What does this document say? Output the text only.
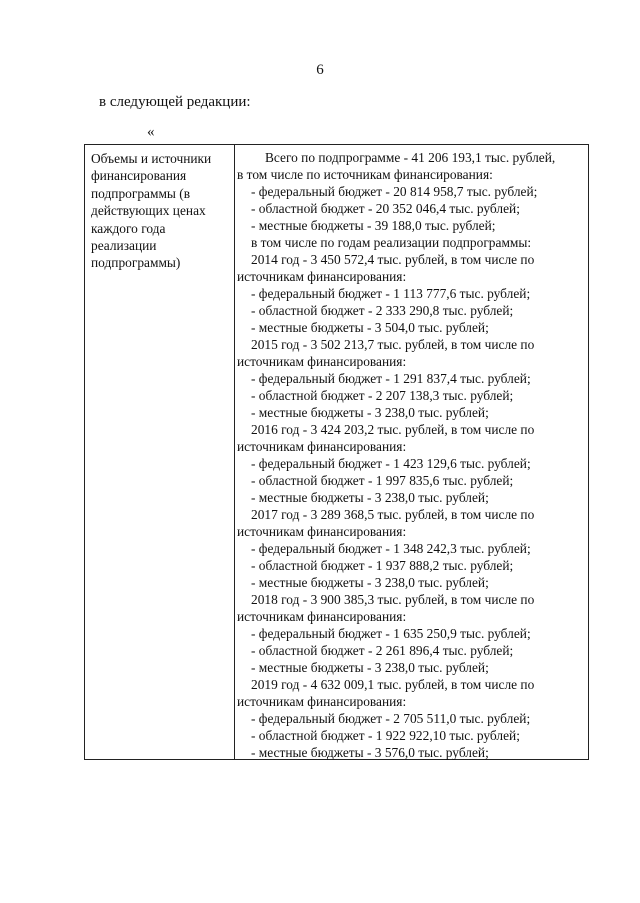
6
в следующей редакции:
«
Объемы и источники
финансирования
подпрограммы (в
действующих ценах
каждого года
реализации
подпрограммы)
Всего по подпрограмме - 41 206 193,1 тыс. рублей,
в том числе по источникам финансирования:
- федеральный бюджет - 20 814 958,7 тыс. рублей;
- областной бюджет - 20 352 046,4 тыс. рублей;
- местные бюджеты - 39 188,0 тыс. рублей;
в том числе по годам реализации подпрограммы:
2014 год - 3 450 572,4 тыс. рублей, в том числе по
источникам финансирования:
- федеральный бюджет - 1 113 777,6 тыс. рублей;
- областной бюджет - 2 333 290,8 тыс. рублей;
- местные бюджеты - 3 504,0 тыс. рублей;
2015 год - 3 502 213,7 тыс. рублей, в том числе по
источникам финансирования:
- федеральный бюджет - 1 291 837,4 тыс. рублей;
- областной бюджет - 2 207 138,3 тыс. рублей;
- местные бюджеты - 3 238,0 тыс. рублей;
2016 год - 3 424 203,2 тыс. рублей, в том числе по
источникам финансирования:
- федеральный бюджет - 1 423 129,6 тыс. рублей;
- областной бюджет - 1 997 835,6 тыс. рублей;
- местные бюджеты - 3 238,0 тыс. рублей;
2017 год - 3 289 368,5 тыс. рублей, в том числе по
источникам финансирования:
- федеральный бюджет - 1 348 242,3 тыс. рублей;
- областной бюджет - 1 937 888,2 тыс. рублей;
- местные бюджеты - 3 238,0 тыс. рублей;
2018 год - 3 900 385,3 тыс. рублей, в том числе по
источникам финансирования:
- федеральный бюджет - 1 635 250,9 тыс. рублей;
- областной бюджет - 2 261 896,4 тыс. рублей;
- местные бюджеты - 3 238,0 тыс. рублей;
2019 год - 4 632 009,1 тыс. рублей, в том числе по
источникам финансирования:
- федеральный бюджет - 2 705 511,0 тыс. рублей;
- областной бюджет - 1 922 922,10 тыс. рублей;
- местные бюджеты - 3 576,0 тыс. рублей;
